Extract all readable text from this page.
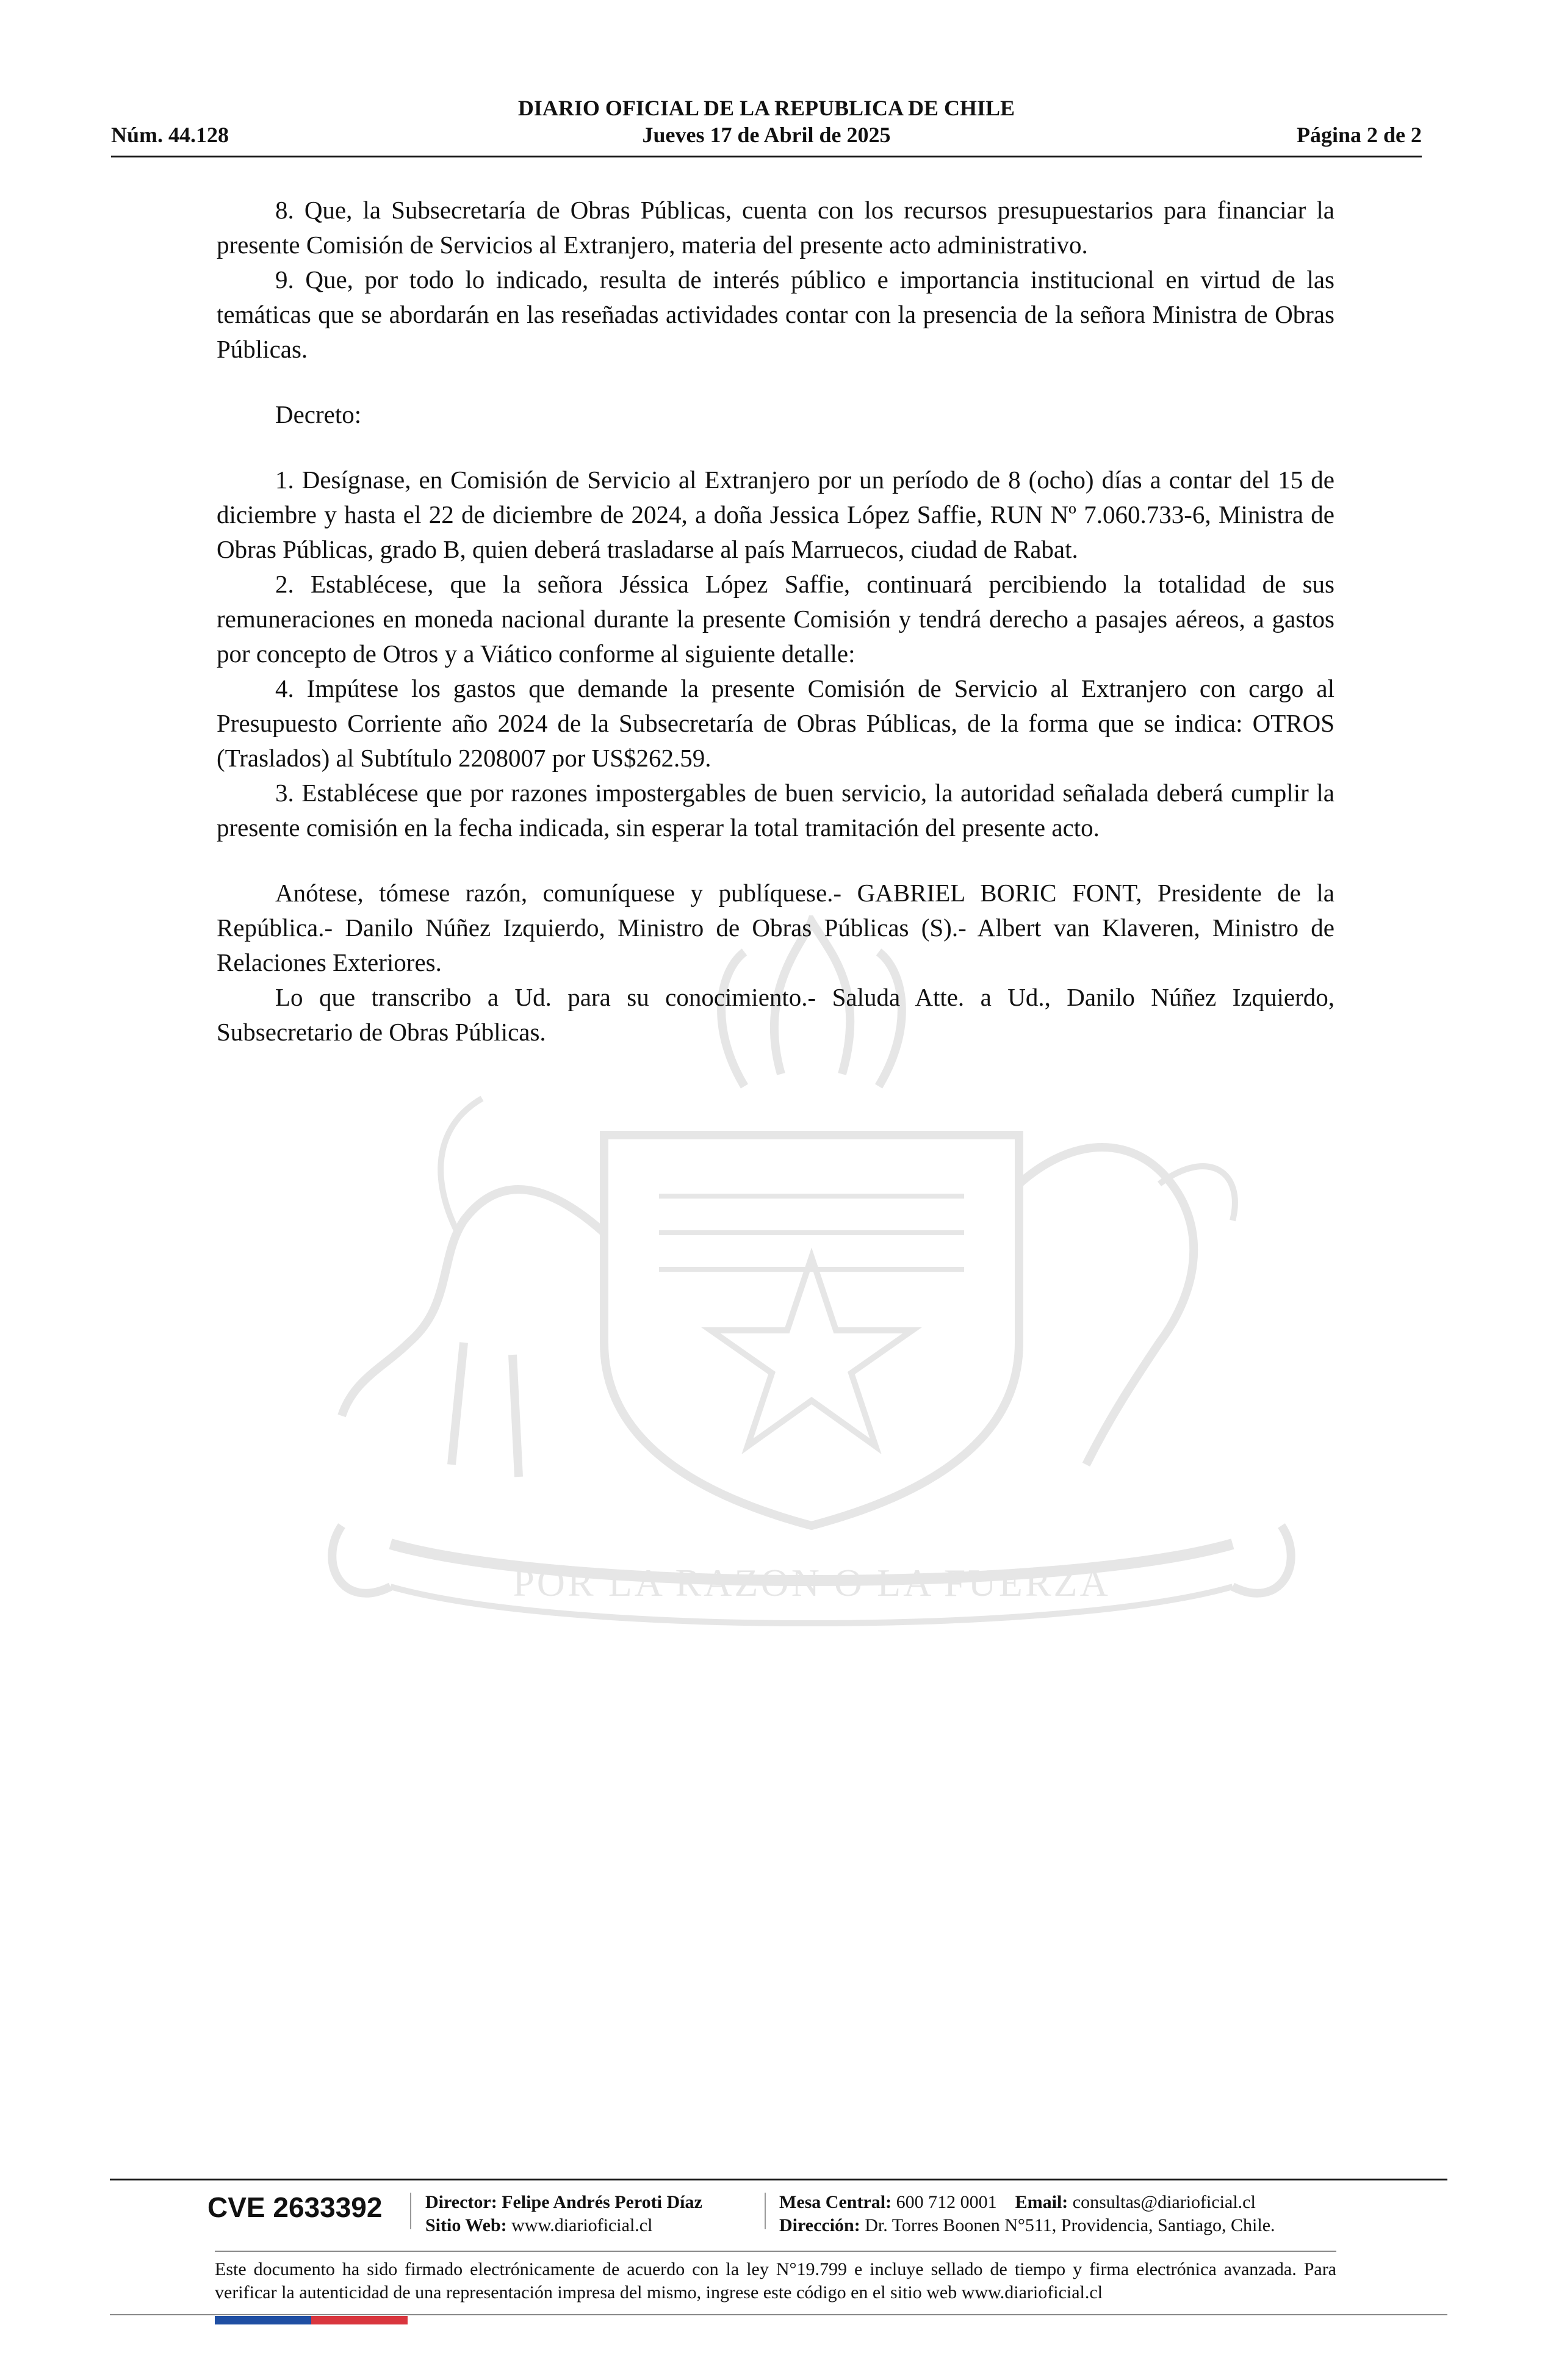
DIARIO OFICIAL DE LA REPUBLICA DE CHILE
Núm. 44.128	Jueves 17 de Abril de 2025	Página 2 de 2
POR LA RAZON O LA FUERZA

8. Que, la Subsecretaría de Obras Públicas, cuenta con los recursos presupuestarios para financiar la presente Comisión de Servicios al Extranjero, materia del presente acto administrativo.

9. Que, por todo lo indicado, resulta de interés público e importancia institucional en virtud de las temáticas que se abordarán en las reseñadas actividades contar con la presencia de la señora Ministra de Obras Públicas.

Decreto:

1. Desígnase, en Comisión de Servicio al Extranjero por un período de 8 (ocho) días a contar del 15 de diciembre y hasta el 22 de diciembre de 2024, a doña Jessica López Saffie, RUN Nº 7.060.733-6, Ministra de Obras Públicas, grado B, quien deberá trasladarse al país Marruecos, ciudad de Rabat.

2. Establécese, que la señora Jéssica López Saffie, continuará percibiendo la totalidad de sus remuneraciones en moneda nacional durante la presente Comisión y tendrá derecho a pasajes aéreos, a gastos por concepto de Otros y a Viático conforme al siguiente detalle:

4. Impútese los gastos que demande la presente Comisión de Servicio al Extranjero con cargo al Presupuesto Corriente año 2024 de la Subsecretaría de Obras Públicas, de la forma que se indica: OTROS (Traslados) al Subtítulo 2208007 por US$262.59.

3. Establécese que por razones impostergables de buen servicio, la autoridad señalada deberá cumplir la presente comisión en la fecha indicada, sin esperar la total tramitación del presente acto.

Anótese, tómese razón, comuníquese y publíquese.- GABRIEL BORIC FONT, Presidente de la República.- Danilo Núñez Izquierdo, Ministro de Obras Públicas (S).- Albert van Klaveren, Ministro de Relaciones Exteriores.

Lo que transcribo a Ud. para su conocimiento.- Saluda Atte. a Ud., Danilo Núñez Izquierdo, Subsecretario de Obras Públicas.

CVE 2633392 Director: Felipe Andrés Peroti Díaz
Sitio Web: www.diarioficial.cl
Mesa Central: 600 712 0001 Email: consultas@diarioficial.cl
Dirección: Dr. Torres Boonen N°511, Providencia, Santiago, Chile.
Este documento ha sido firmado electrónicamente de acuerdo con la ley N°19.799 e incluye sellado de tiempo y firma electrónica avanzada. Para verificar la autenticidad de una representación impresa del mismo, ingrese este código en el sitio web www.diarioficial.cl
